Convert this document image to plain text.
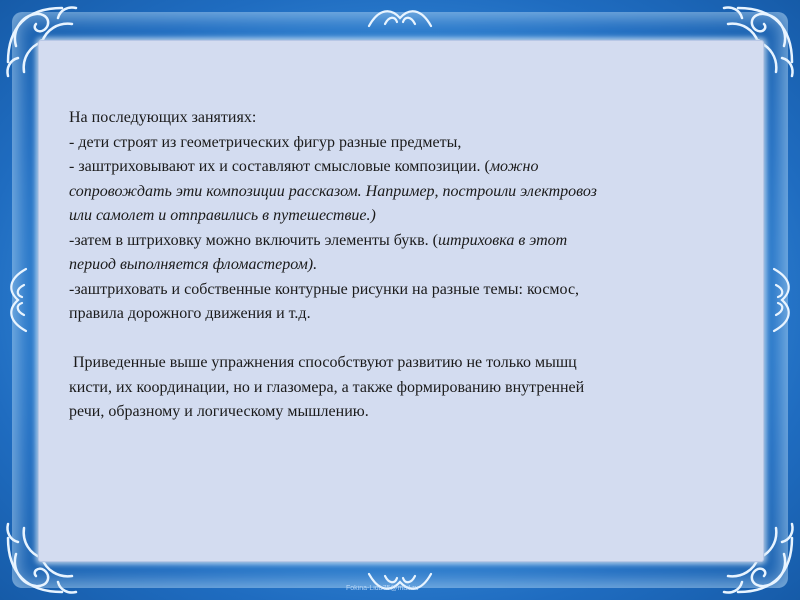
На последующих занятиях:

- дети строят из геометрических фигур разные предметы,

- заштриховывают их и составляют смысловые композиции. (можно

сопровождать эти композиции рассказом. Например, построили электровоз

или самолет и отправились в путешествие.)

-затем в штриховку можно включить элементы букв. (штриховка в этот

период выполняется фломастером).

-заштриховать и собственные контурные рисунки на разные темы: космос,

правила дорожного движения и т.д.

Приведенные выше упражнения способствуют развитию не только мышц

кисти, их координации, но и глазомера, а также формированию внутренней

речи, образному и логическому мышлению.

Fokina-Lida75@mail.ru
